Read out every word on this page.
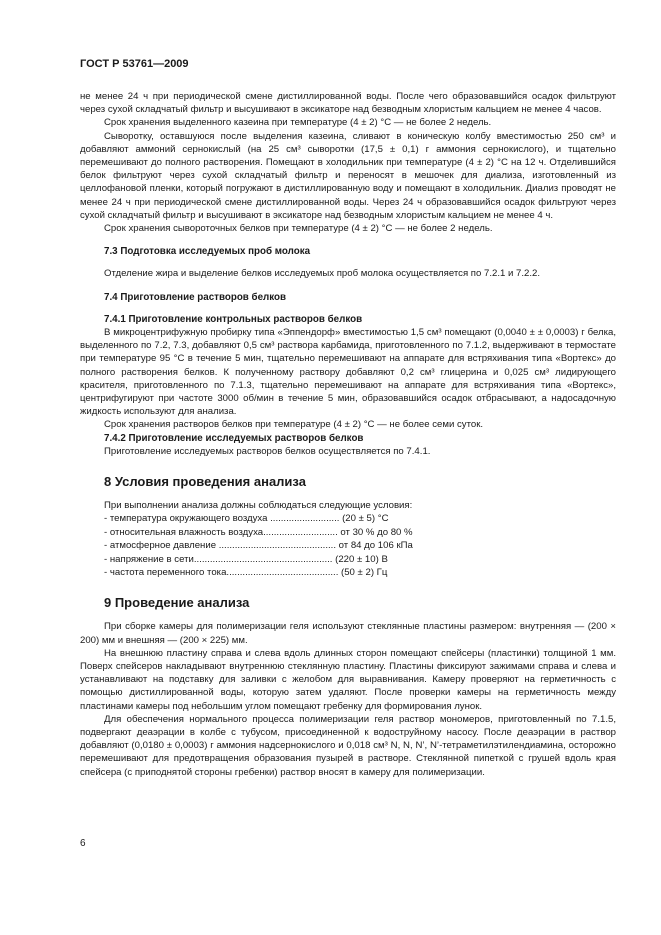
ГОСТ Р 53761—2009

не менее 24 ч при периодической смене дистиллированной воды. После чего образовавшийся осадок фильтруют через сухой складчатый фильтр и высушивают в эксикаторе над безводным хлористым кальцием не менее 4 часов.

Срок хранения выделенного казеина при температуре (4 ± 2) °С — не более 2 недель.

Сыворотку, оставшуюся после выделения казеина, сливают в коническую колбу вместимостью 250 см³ и добавляют аммоний сернокислый (на 25 см³ сыворотки (17,5 ± 0,1) г аммония сернокислого), и тщательно перемешивают до полного растворения. Помещают в холодильник при температуре (4 ± 2) °С на 12 ч. Отделившийся белок фильтруют через сухой складчатый фильтр и переносят в мешочек для диализа, изготовленный из целлофановой пленки, который погружают в дистиллированную воду и помещают в холодильник. Диализ проводят не менее 24 ч при периодической смене дистиллированной воды. Через 24 ч образовавшийся осадок фильтруют через сухой складчатый фильтр и высушивают в эксикаторе над безводным хлористым кальцием не менее 4 ч.

Срок хранения сывороточных белков при температуре (4 ± 2) °С — не более 2 недель.

7.3 Подготовка исследуемых проб молока

Отделение жира и выделение белков исследуемых проб молока осуществляется по 7.2.1 и 7.2.2.

7.4 Приготовление растворов белков
7.4.1 Приготовление контрольных растворов белков

В микроцентрифужную пробирку типа «Эппендорф» вместимостью 1,5 см³ помещают (0,0040 ± ± 0,0003) г белка, выделенного по 7.2, 7.3, добавляют 0,5 см³ раствора карбамида, приготовленного по 7.1.2, выдерживают в термостате при температуре 95 °С в течение 5 мин, тщательно перемешивают на аппарате для встряхивания типа «Вортекс» до полного растворения белков. К полученному раствору добавляют 0,2 см³ глицерина и 0,025 см³ лидирующего красителя, приготовленного по 7.1.3, тщательно перемешивают на аппарате для встряхивания типа «Вортекс», центрифугируют при частоте 3000 об/мин в течение 5 мин, образовавшийся осадок отбрасывают, а надосадочную жидкость используют для анализа.

Срок хранения растворов белков при температуре (4 ± 2) °С — не более семи суток.

7.4.2 Приготовление исследуемых растворов белков

Приготовление исследуемых растворов белков осуществляется по 7.4.1.

8 Условия проведения анализа

При выполнении анализа должны соблюдаться следующие условия:

- температура окружающего воздуха .......................... (20 ± 5) °С

- относительная влажность воздуха............................ от 30 % до 80 %

- атмосферное давление ............................................ от 84 до 106 кПа

- напряжение в сети.................................................... (220 ± 10) В

- частота переменного тока.......................................... (50 ± 2) Гц

9 Проведение анализа

При сборке камеры для полимеризации геля используют стеклянные пластины размером: внутренняя — (200 × 200) мм и внешняя — (200 × 225) мм.

На внешнюю пластину справа и слева вдоль длинных сторон помещают спейсеры (пластинки) толщиной 1 мм. Поверх спейсеров накладывают внутреннюю стеклянную пластину. Пластины фиксируют зажимами справа и слева и устанавливают на подставку для заливки с желобом для выравнивания. Камеру проверяют на герметичность с помощью дистиллированной воды, которую затем удаляют. После проверки камеры на герметичность между пластинами камеры под небольшим углом помещают гребенку для формирования лунок.

Для обеспечения нормального процесса полимеризации геля раствор мономеров, приготовленный по 7.1.5, подвергают деаэрации в колбе с тубусом, присоединенной к водоструйному насосу. После деаэрации в раствор добавляют (0,0180 ± 0,0003) г аммония надсернокислого и 0,018 см³ N, N, N’, N’-тетраметилэтилендиамина, осторожно перемешивают для предотвращения образования пузырей в растворе. Стеклянной пипеткой с грушей вдоль края спейсера (с приподнятой стороны гребенки) раствор вносят в камеру для полимеризации.

6
